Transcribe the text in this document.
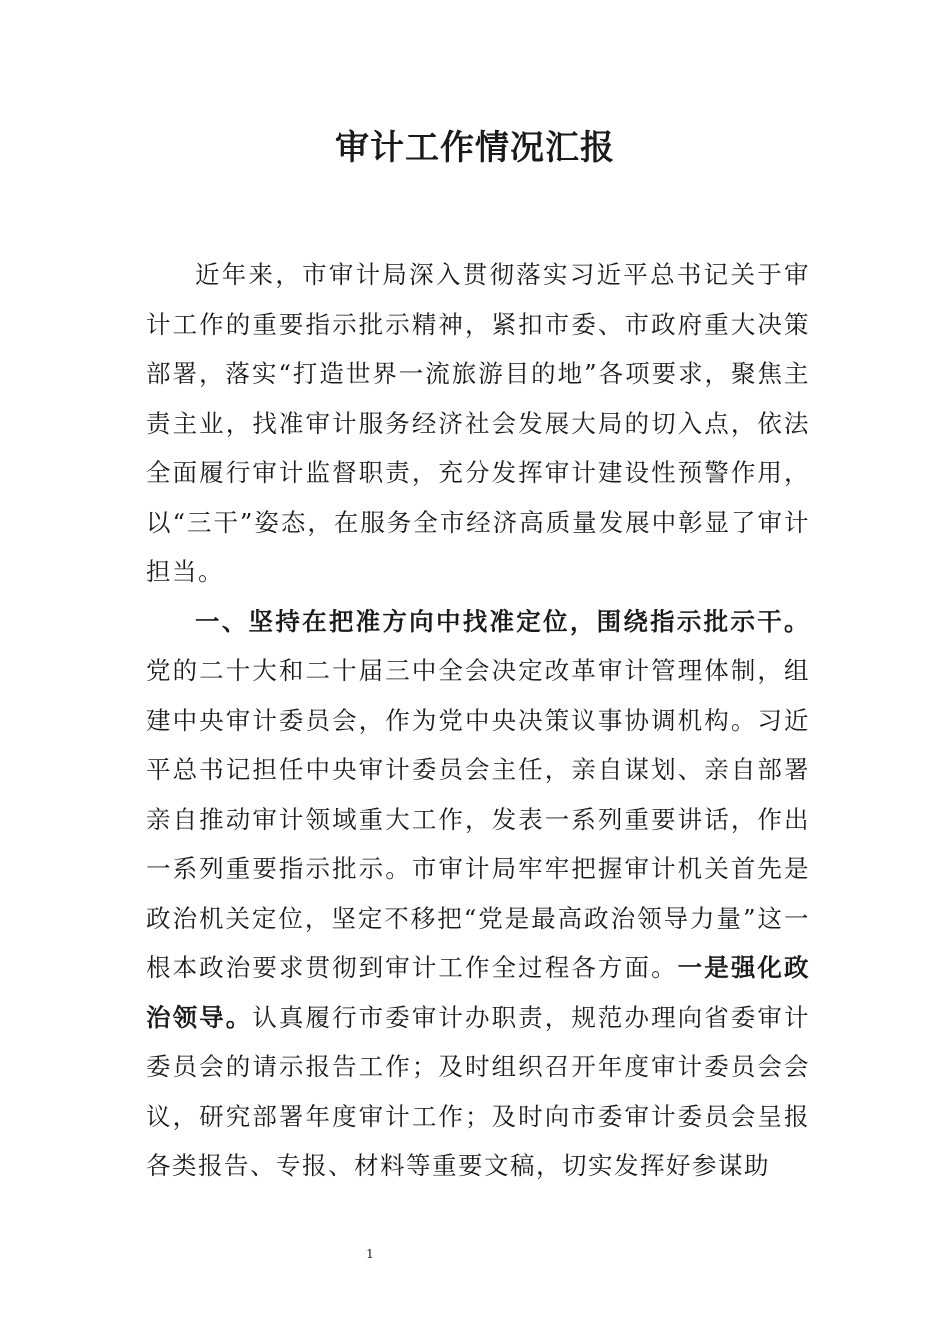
审计工作情况汇报

近年来，市审计局深入贯彻落实习近平总书记关于审计工作的重要指示批示精神，紧扣市委、市政府重大决策部署，落实“打造世界一流旅游目的地”各项要求，聚焦主责主业，找准审计服务经济社会发展大局的切入点，依法全面履行审计监督职责，充分发挥审计建设性预警作用，以“三干”姿态，在服务全市经济高质量发展中彰显了审计担当。

一、坚持在把准方向中找准定位，围绕指示批示干。党的二十大和二十届三中全会决定改革审计管理体制，组建中央审计委员会，作为党中央决策议事协调机构。习近平总书记担任中央审计委员会主任，亲自谋划、亲自部署亲自推动审计领域重大工作，发表一系列重要讲话，作出一系列重要指示批示。市审计局牢牢把握审计机关首先是政治机关定位，坚定不移把“党是最高政治领导力量”这一根本政治要求贯彻到审计工作全过程各方面。一是强化政治领导。认真履行市委审计办职责，规范办理向省委审计委员会的请示报告工作；及时组织召开年度审计委员会会议，研究部署年度审计工作；及时向市委审计委员会呈报各类报告、专报、材料等重要文稿，切实发挥好参谋助

1
